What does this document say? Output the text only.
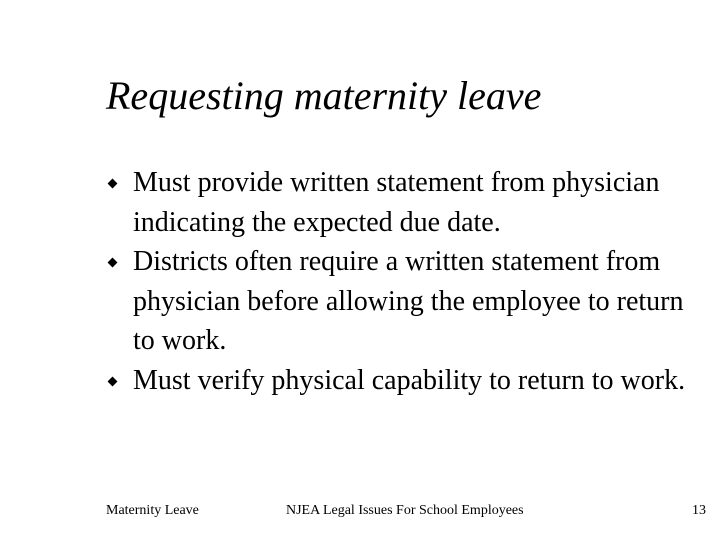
Requesting maternity leave
Must provide written statement from physician indicating the expected due date.
Districts often require a written statement from physician before allowing the employee to return to work.
Must verify physical capability to return to work.
Maternity Leave	NJEA Legal Issues For School Employees	13
